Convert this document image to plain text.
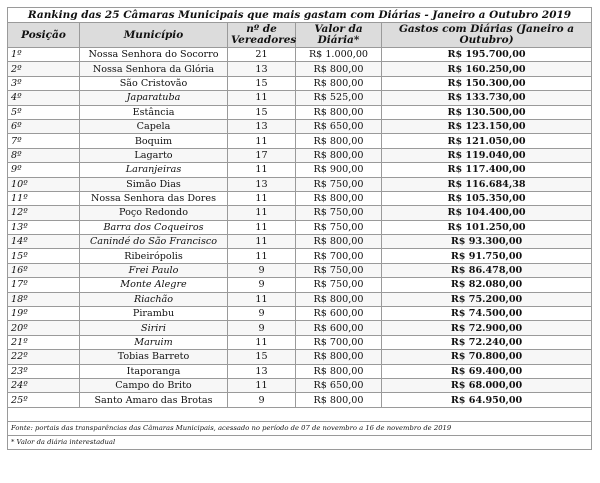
Ranking das 25 Câmaras Municipais que mais gastam com Diárias - Janeiro a Outubro 2019				
Posição	Município	nº de Vereadores	Valor da Diária*	Gastos com Diárias (Janeiro a Outubro)
1º	Nossa Senhora do Socorro	21	R$ 1.000,00	R$ 195.700,00
2º	Nossa Senhora da Glória	13	R$ 800,00	R$ 160.250,00
3º	São Cristovão	15	R$ 800,00	R$ 150.300,00
4º	Japaratuba	11	R$ 525,00	R$ 133.730,00
5º	Estância	15	R$ 800,00	R$ 130.500,00
6º	Capela	13	R$ 650,00	R$ 123.150,00
7º	Boquim	11	R$ 800,00	R$ 121.050,00
8º	Lagarto	17	R$ 800,00	R$ 119.040,00
9º	Laranjeiras	11	R$ 900,00	R$ 117.400,00
10º	Simão Dias	13	R$ 750,00	R$ 116.684,38
11º	Nossa Senhora das Dores	11	R$ 800,00	R$ 105.350,00
12º	Poço Redondo	11	R$ 750,00	R$ 104.400,00
13º	Barra dos Coqueiros	11	R$ 750,00	R$ 101.250,00
14º	Canindé do São Francisco	11	R$ 800,00	R$ 93.300,00
15º	Ribeirópolis	11	R$ 700,00	R$ 91.750,00
16º	Frei Paulo	9	R$ 750,00	R$ 86.478,00
17º	Monte Alegre	9	R$ 750,00	R$ 82.080,00
18º	Riachão	11	R$ 800,00	R$ 75.200,00
19º	Pirambu	9	R$ 600,00	R$ 74.500,00
20º	Siriri	9	R$ 600,00	R$ 72.900,00
21º	Maruim	11	R$ 700,00	R$ 72.240,00
22º	Tobias Barreto	15	R$ 800,00	R$ 70.800,00
23º	Itaporanga	13	R$ 800,00	R$ 69.400,00
24º	Campo do Brito	11	R$ 650,00	R$ 68.000,00
25º	Santo Amaro das Brotas	9	R$ 800,00	R$ 64.950,00

Fonte: portais das transparências das Câmaras Municipais, acessado no período de 07 de novembro a 16 de novembro de 2019				
* Valor da diária interestadual				
